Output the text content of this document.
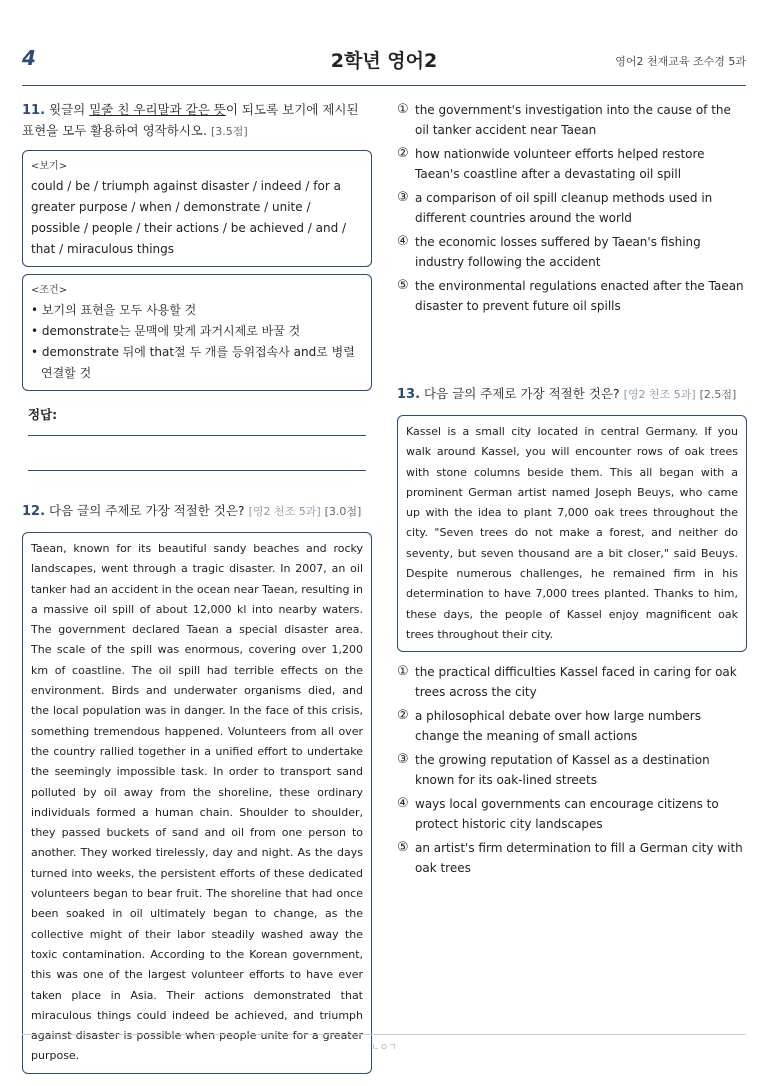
4	2학년 영어2	영어2 천재교육 조수경 5과
11. 윗글의 밑줄 친 우리말과 같은 뜻이 되도록 보기에 제시된 표현을 모두 활용하여 영작하시오. [3.5점]
<보기>
could / be / triumph against disaster / indeed / for a greater purpose / when / demonstrate / unite / possible / people / their actions / be achieved / and / that / miraculous things
<조건>
• 보기의 표현을 모두 사용할 것
• demonstrate는 문맥에 맞게 과거시제로 바꿀 것
• demonstrate 뒤에 that절 두 개를 등위접속사 and로 병렬 연결할 것
정답:
12. 다음 글의 주제로 가장 적절한 것은? [영2 천조 5과] [3.0점]
Taean, known for its beautiful sandy beaches and rocky landscapes, went through a tragic disaster. In 2007, an oil tanker had an accident in the ocean near Taean, resulting in a massive oil spill of about 12,000 kl into nearby waters. The government declared Taean a special disaster area. The scale of the spill was enormous, covering over 1,200 km of coastline. The oil spill had terrible effects on the environment. Birds and underwater organisms died, and the local population was in danger. In the face of this crisis, something tremendous happened. Volunteers from all over the country rallied together in a unified effort to undertake the seemingly impossible task. In order to transport sand polluted by oil away from the shoreline, these ordinary individuals formed a human chain. Shoulder to shoulder, they passed buckets of sand and oil from one person to another. They worked tirelessly, day and night. As the days turned into weeks, the persistent efforts of these dedicated volunteers began to bear fruit. The shoreline that had once been soaked in oil ultimately began to change, as the collective might of their labor steadily washed away the toxic contamination. According to the Korean government, this was one of the largest volunteer efforts to have ever taken place in Asia. Their actions demonstrated that miraculous things could indeed be achieved, and triumph against disaster is possible when people unite for a greater purpose.
① the government's investigation into the cause of the oil tanker accident near Taean
② how nationwide volunteer efforts helped restore Taean's coastline after a devastating oil spill
③ a comparison of oil spill cleanup methods used in different countries around the world
④ the economic losses suffered by Taean's fishing industry following the accident
⑤ the environmental regulations enacted after the Taean disaster to prevent future oil spills
13. 다음 글의 주제로 가장 적절한 것은? [영2 천조 5과] [2.5점]
Kassel is a small city located in central Germany. If you walk around Kassel, you will encounter rows of oak trees with stone columns beside them. This all began with a prominent German artist named Joseph Beuys, who came up with the idea to plant 7,000 oak trees throughout the city. "Seven trees do not make a forest, and neither do seventy, but seven thousand are a bit closer," said Beuys. Despite numerous challenges, he remained firm in his determination to have 7,000 trees planted. Thanks to him, these days, the people of Kassel enjoy magnificent oak trees throughout their city.
① the practical difficulties Kassel faced in caring for oak trees across the city
② a philosophical debate over how large numbers change the meaning of small actions
③ the growing reputation of Kassel as a destination known for its oak-lined streets
④ ways local governments can encourage citizens to protect historic city landscapes
⑤ an artist's firm determination to fill a German city with oak trees
ㄴㅇㄱ
